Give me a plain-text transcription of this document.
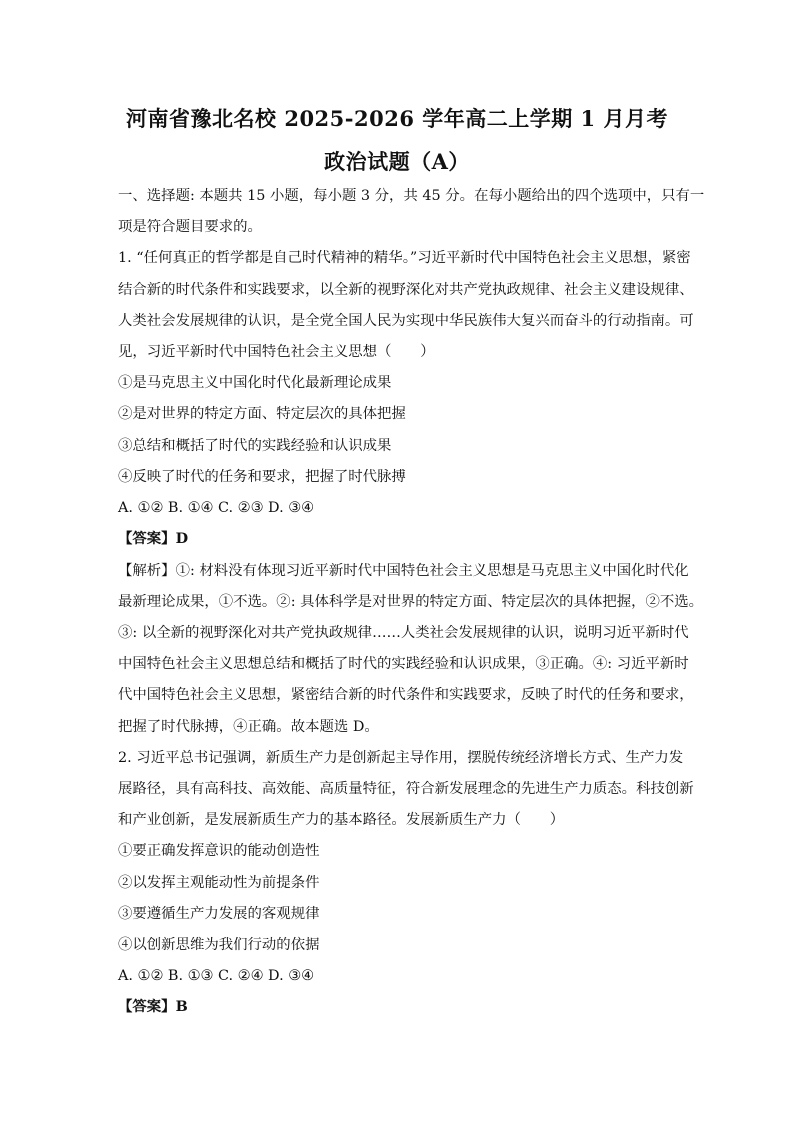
河南省豫北名校 2025-2026 学年高二上学期 1 月月考
政治试题（A）
一、选择题: 本题共 15 小题，每小题 3 分，共 45 分。在每小题给出的四个选项中，只有一
项是符合题目要求的。
1. “任何真正的哲学都是自己时代精神的精华。”习近平新时代中国特色社会主义思想，紧密
结合新的时代条件和实践要求，以全新的视野深化对共产党执政规律、社会主义建设规律、
人类社会发展规律的认识，是全党全国人民为实现中华民族伟大复兴而奋斗的行动指南。可
见，习近平新时代中国特色社会主义思想（　　）
①是马克思主义中国化时代化最新理论成果
②是对世界的特定方面、特定层次的具体把握
③总结和概括了时代的实践经验和认识成果
④反映了时代的任务和要求，把握了时代脉搏
A. ①② B. ①④ C. ②③ D. ③④
【答案】D
【解析】①: 材料没有体现习近平新时代中国特色社会主义思想是马克思主义中国化时代化
最新理论成果，①不选。②: 具体科学是对世界的特定方面、特定层次的具体把握，②不选。
③: 以全新的视野深化对共产党执政规律……人类社会发展规律的认识，说明习近平新时代
中国特色社会主义思想总结和概括了时代的实践经验和认识成果，③正确。④: 习近平新时
代中国特色社会主义思想，紧密结合新的时代条件和实践要求，反映了时代的任务和要求，
把握了时代脉搏，④正确。故本题选 D。
2. 习近平总书记强调，新质生产力是创新起主导作用，摆脱传统经济增长方式、生产力发
展路径，具有高科技、高效能、高质量特征，符合新发展理念的先进生产力质态。科技创新
和产业创新，是发展新质生产力的基本路径。发展新质生产力（　　）
①要正确发挥意识的能动创造性
②以发挥主观能动性为前提条件
③要遵循生产力发展的客观规律
④以创新思维为我们行动的依据
A. ①② B. ①③ C. ②④ D. ③④
【答案】B
